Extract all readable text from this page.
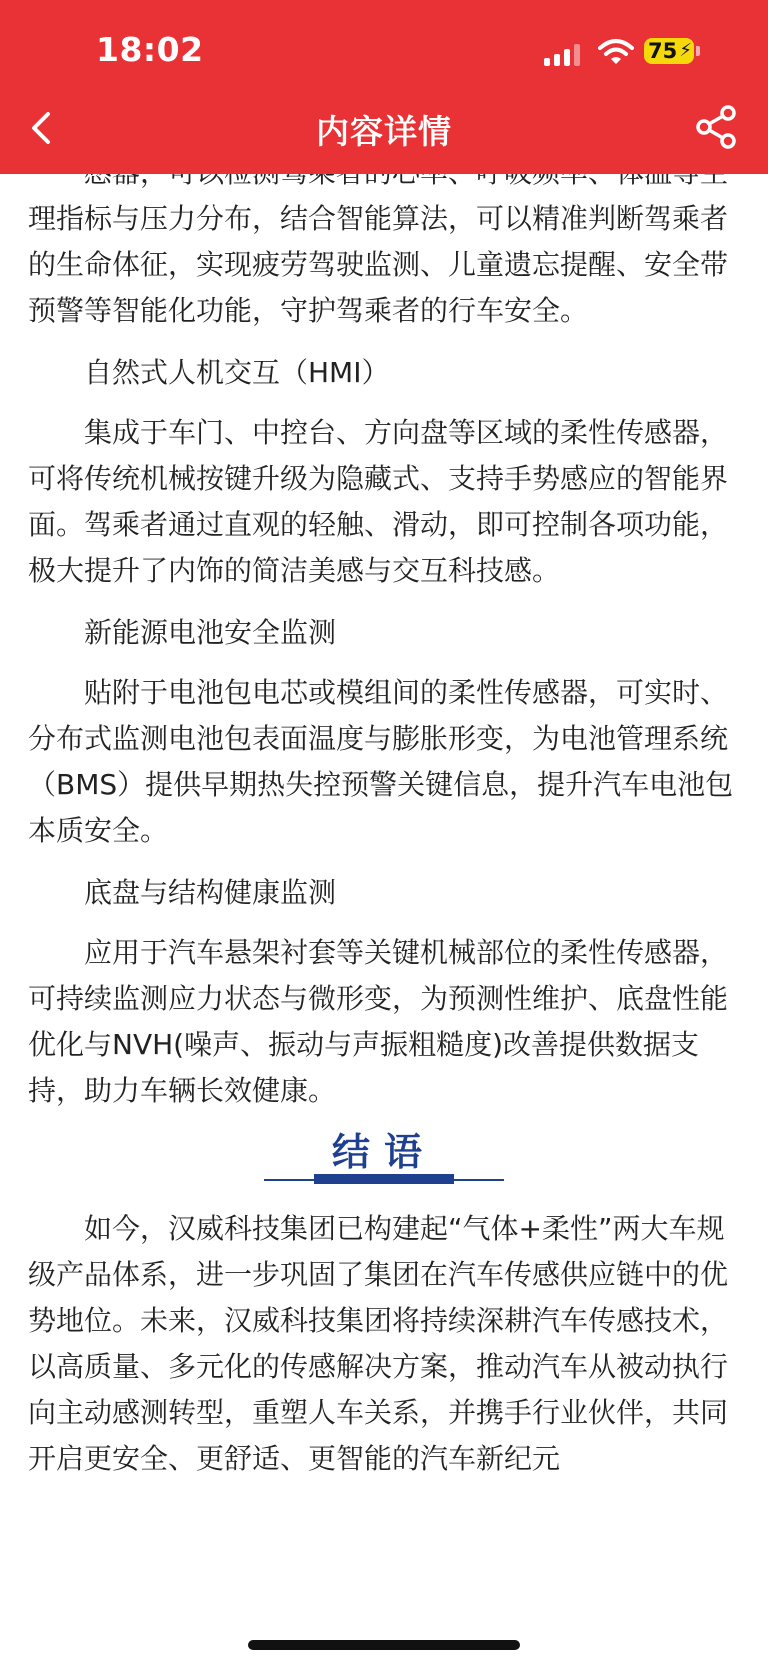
理指标与压力分布，结合智能算法，可以精准判断驾乘者的生命体征，实现疲劳驾驶监测、儿童遗忘提醒、安全带预警等智能化功能，守护驾乘者的行车安全。

自然式人机交互（HMI）

集成于车门、中控台、方向盘等区域的柔性传感器，可将传统机械按键升级为隐藏式、支持手势感应的智能界面。驾乘者通过直观的轻触、滑动，即可控制各项功能，极大提升了内饰的简洁美感与交互科技感。

新能源电池安全监测

贴附于电池包电芯或模组间的柔性传感器，可实时、分布式监测电池包表面温度与膨胀形变，为电池管理系统（BMS）提供早期热失控预警关键信息，提升汽车电池包本质安全。

底盘与结构健康监测

应用于汽车悬架衬套等关键机械部位的柔性传感器，可持续监测应力状态与微形变，为预测性维护、底盘性能优化与NVH(噪声、振动与声振粗糙度)改善提供数据支持，助力车辆长效健康。

结语

如今，汉威科技集团已构建起“气体+柔性”两大车规级产品体系，进一步巩固了集团在汽车传感供应链中的优势地位。未来，汉威科技集团将持续深耕汽车传感技术，以高质量、多元化的传感解决方案，推动汽车从被动执行向主动感测转型，重塑人车关系，并携手行业伙伴，共同开启更安全、更舒适、更智能的汽车新纪元

18:02	75 ⚡
内容详情
